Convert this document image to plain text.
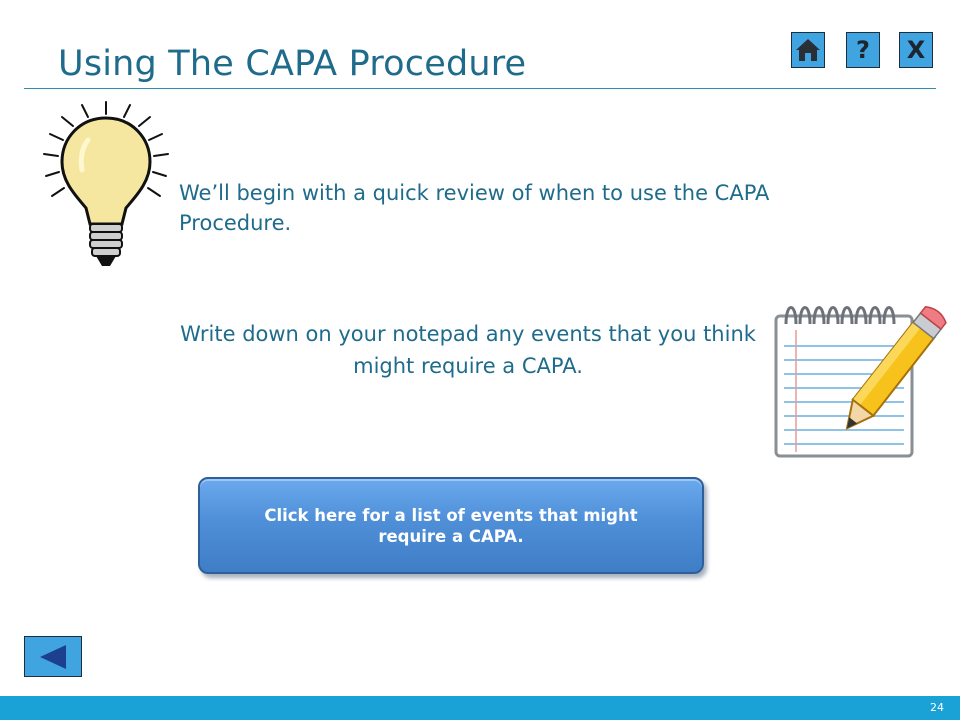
Using The CAPA Procedure	? X
We’ll begin with a quick review of when to use the CAPA Procedure.
Write down on your notepad any events that you think might require a CAPA.
Click here for a list of events that might require a CAPA.
24
